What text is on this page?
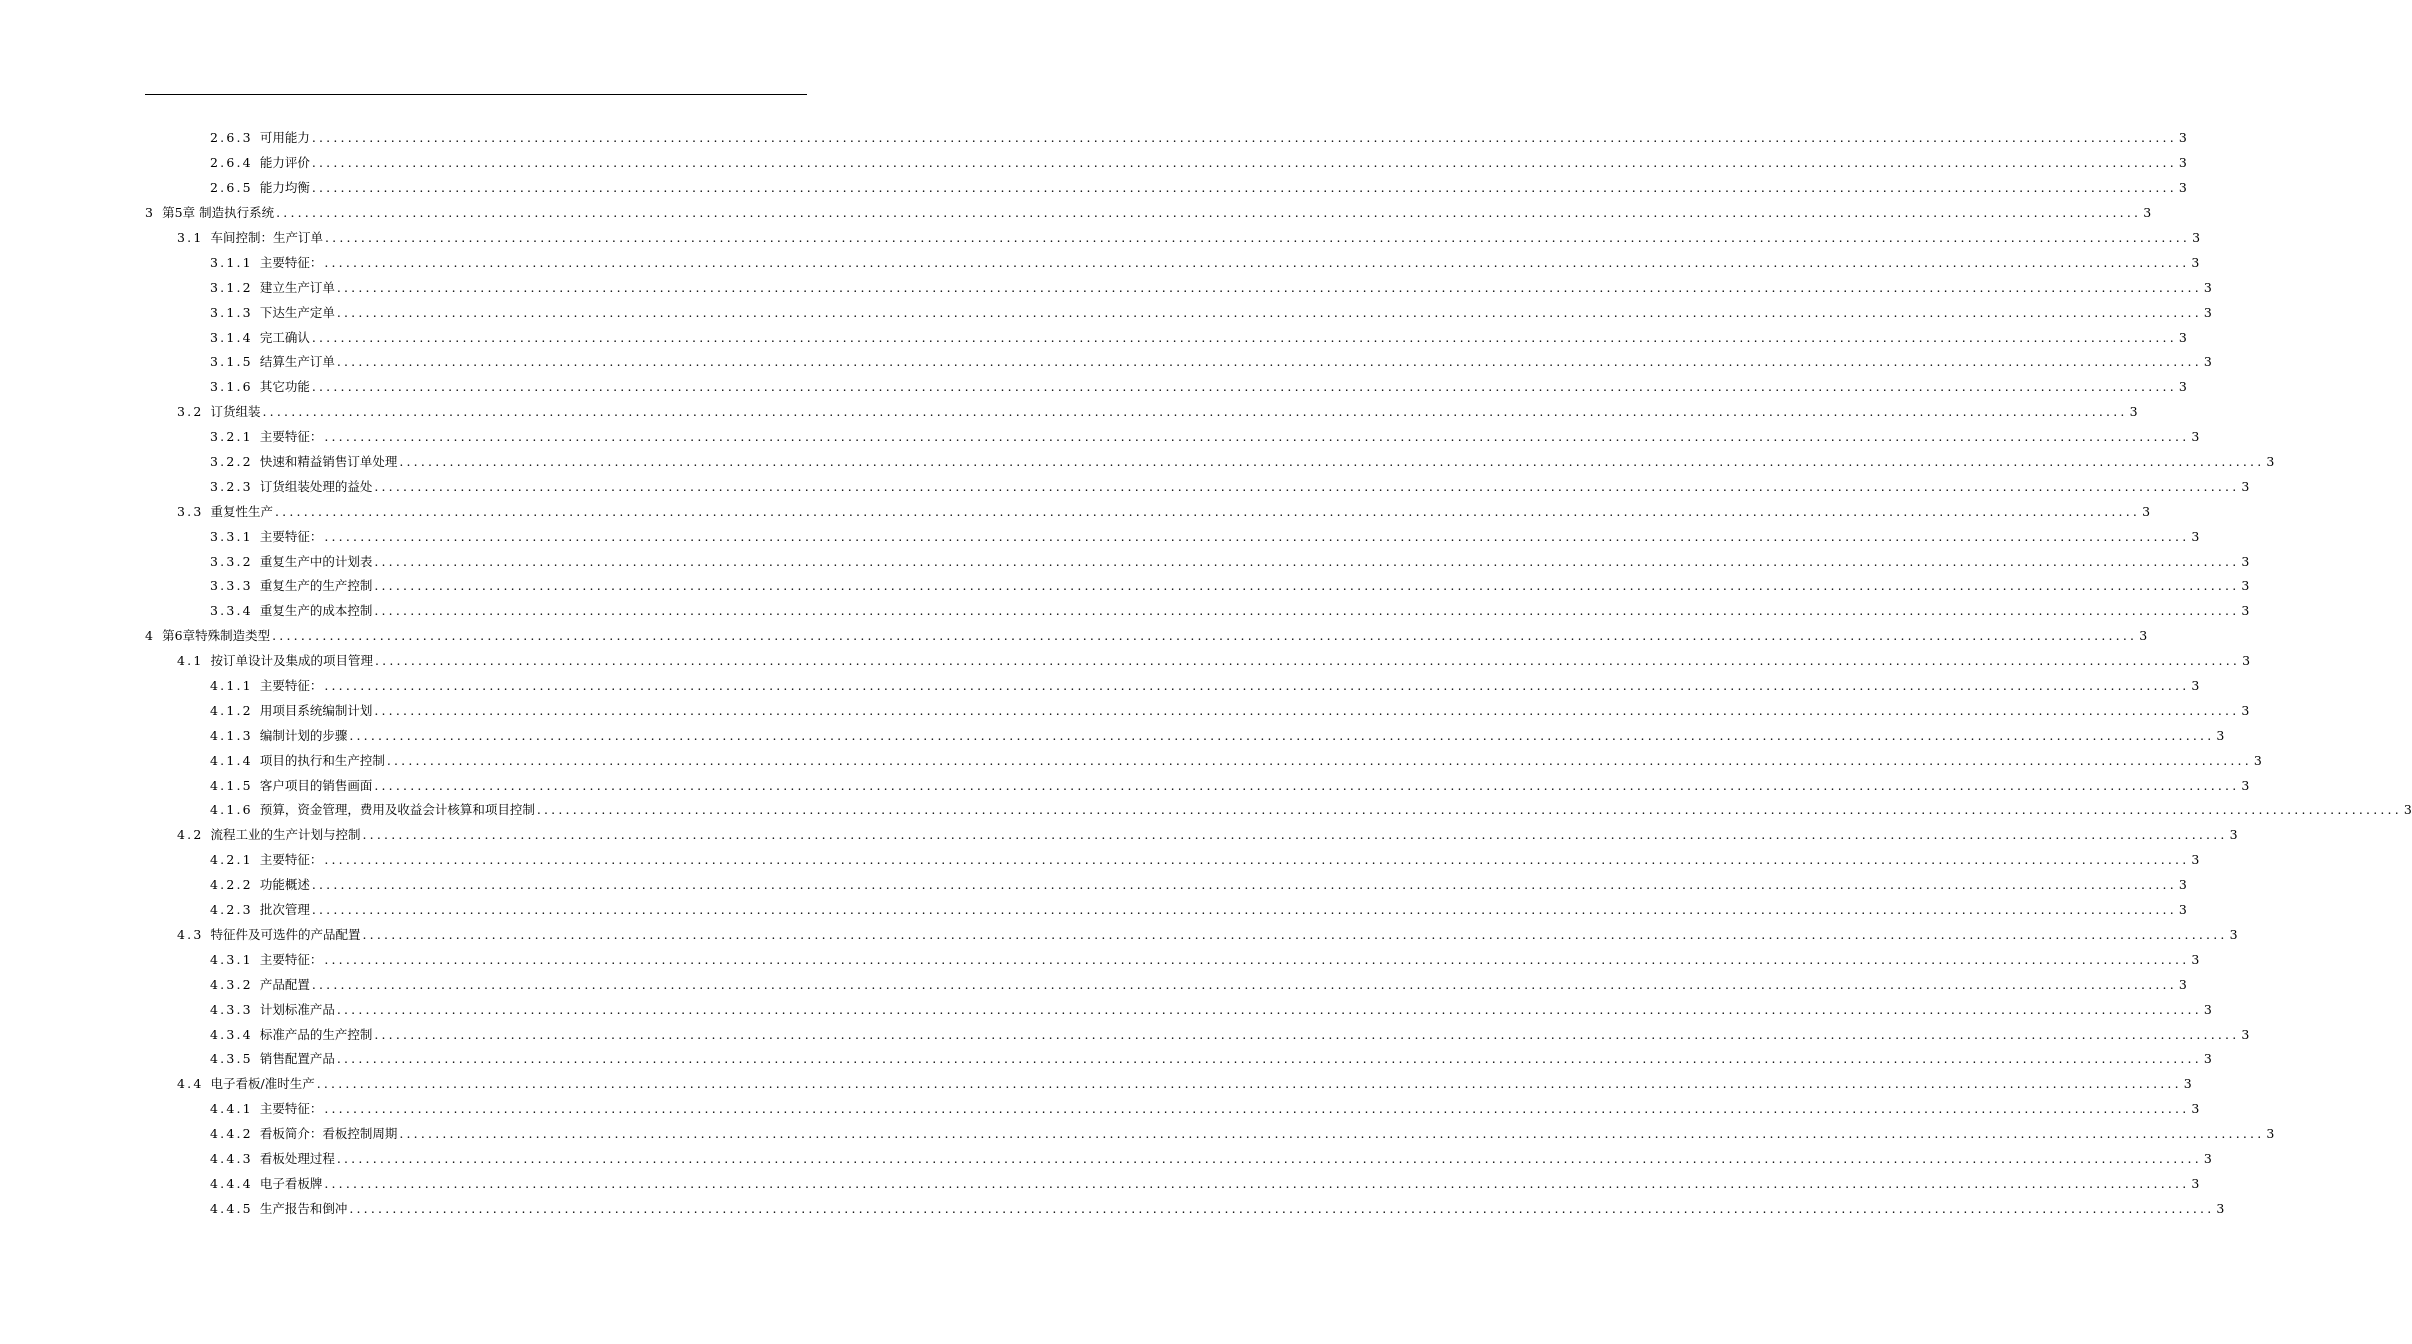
2.6.3 可用能力 .................................................................................................................................................................................................................................................................... 3
2.6.4 能力评价 .................................................................................................................................................................................................................................................................... 3
2.6.5 能力均衡 .................................................................................................................................................................................................................................................................... 3
3 第5章 制造执行系统 .................................................................................................................................................................................................................................................................... 3
3.1 车间控制：生产订单 .................................................................................................................................................................................................................................................................... 3
3.1.1 主要特征： .................................................................................................................................................................................................................................................................... 3
3.1.2 建立生产订单 .................................................................................................................................................................................................................................................................... 3
3.1.3 下达生产定单 .................................................................................................................................................................................................................................................................... 3
3.1.4 完工确认 .................................................................................................................................................................................................................................................................... 3
3.1.5 结算生产订单 .................................................................................................................................................................................................................................................................... 3
3.1.6 其它功能 .................................................................................................................................................................................................................................................................... 3
3.2 订货组装 .................................................................................................................................................................................................................................................................... 3
3.2.1 主要特征： .................................................................................................................................................................................................................................................................... 3
3.2.2 快速和精益销售订单处理 .................................................................................................................................................................................................................................................................... 3
3.2.3 订货组装处理的益处 .................................................................................................................................................................................................................................................................... 3
3.3 重复性生产 .................................................................................................................................................................................................................................................................... 3
3.3.1 主要特征： .................................................................................................................................................................................................................................................................... 3
3.3.2 重复生产中的计划表 .................................................................................................................................................................................................................................................................... 3
3.3.3 重复生产的生产控制 .................................................................................................................................................................................................................................................................... 3
3.3.4 重复生产的成本控制 .................................................................................................................................................................................................................................................................... 3
4 第6章特殊制造类型 .................................................................................................................................................................................................................................................................... 3
4.1 按订单设计及集成的项目管理 .................................................................................................................................................................................................................................................................... 3
4.1.1 主要特征： .................................................................................................................................................................................................................................................................... 3
4.1.2 用项目系统编制计划 .................................................................................................................................................................................................................................................................... 3
4.1.3 编制计划的步骤 .................................................................................................................................................................................................................................................................... 3
4.1.4 项目的执行和生产控制 .................................................................................................................................................................................................................................................................... 3
4.1.5 客户项目的销售画面 .................................................................................................................................................................................................................................................................... 3
4.1.6 预算，资金管理，费用及收益会计核算和项目控制 .................................................................................................................................................................................................................................................................... 3
4.2 流程工业的生产计划与控制 .................................................................................................................................................................................................................................................................... 3
4.2.1 主要特征： .................................................................................................................................................................................................................................................................... 3
4.2.2 功能概述 .................................................................................................................................................................................................................................................................... 3
4.2.3 批次管理 .................................................................................................................................................................................................................................................................... 3
4.3 特征件及可选件的产品配置 .................................................................................................................................................................................................................................................................... 3
4.3.1 主要特征： .................................................................................................................................................................................................................................................................... 3
4.3.2 产品配置 .................................................................................................................................................................................................................................................................... 3
4.3.3 计划标准产品 .................................................................................................................................................................................................................................................................... 3
4.3.4 标准产品的生产控制 .................................................................................................................................................................................................................................................................... 3
4.3.5 销售配置产品 .................................................................................................................................................................................................................................................................... 3
4.4 电子看板/准时生产 .................................................................................................................................................................................................................................................................... 3
4.4.1 主要特征： .................................................................................................................................................................................................................................................................... 3
4.4.2 看板简介：看板控制周期 .................................................................................................................................................................................................................................................................... 3
4.4.3 看板处理过程 .................................................................................................................................................................................................................................................................... 3
4.4.4 电子看板牌 .................................................................................................................................................................................................................................................................... 3
4.4.5 生产报告和倒冲 .................................................................................................................................................................................................................................................................... 3
